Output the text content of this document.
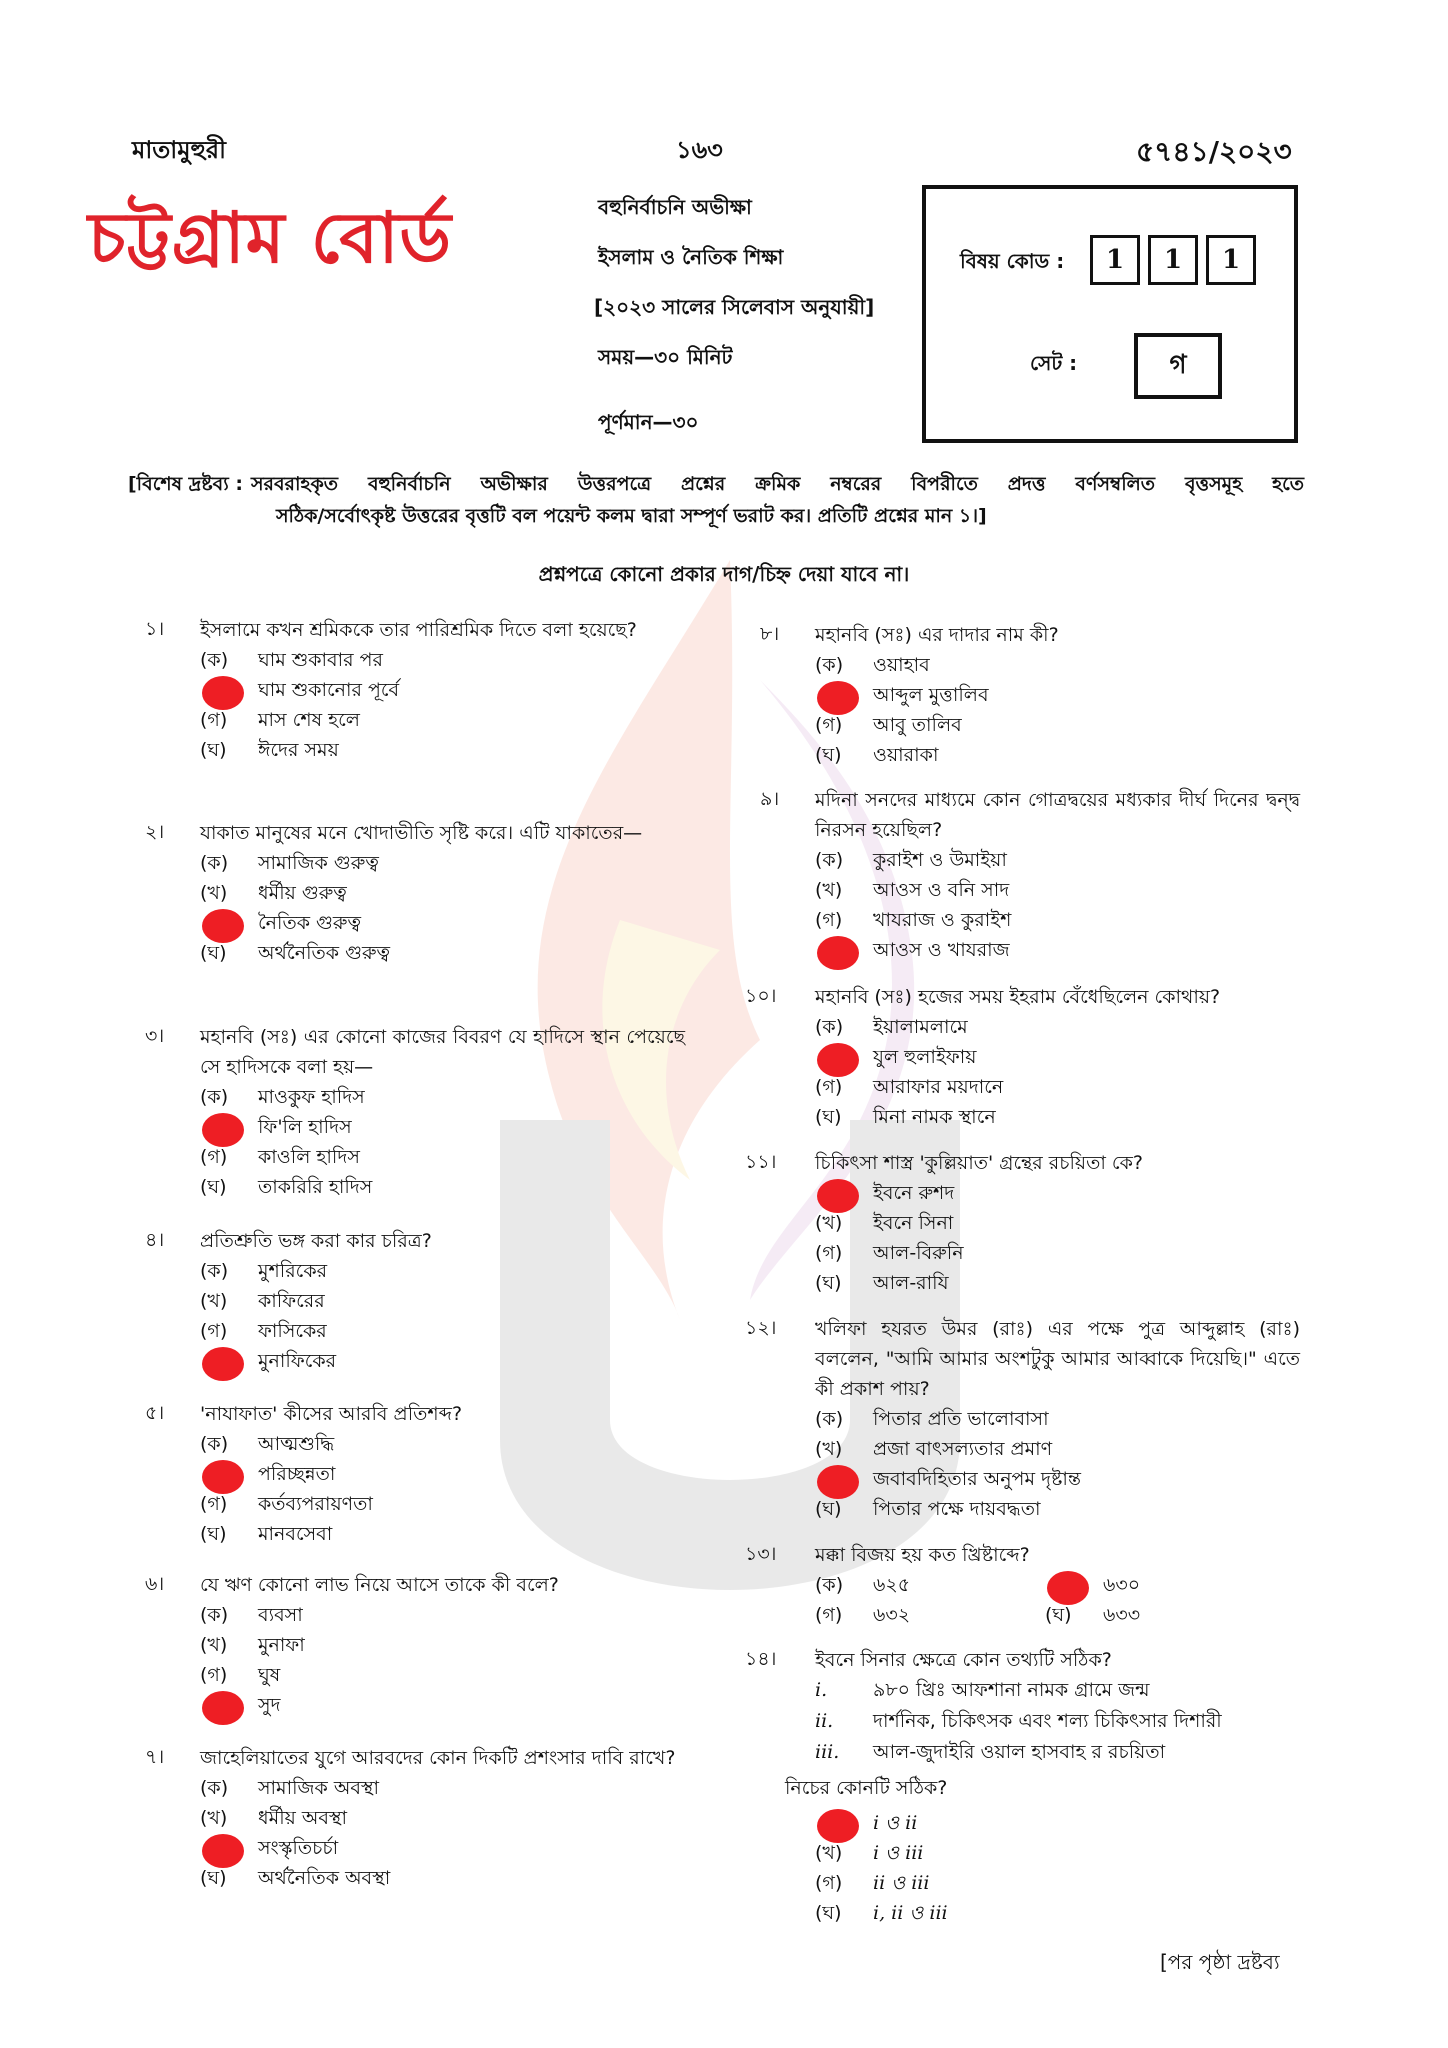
মাতামুহুরী	১৬৩	৫৭৪১/২০২৩
চট্টগ্রাম বোর্ড	বহুনির্বাচনি অভীক্ষা
ইসলাম ও নৈতিক শিক্ষা
[২০২৩ সালের সিলেবাস অনুযায়ী]
সময়—৩০ মিনিট
পূর্ণমান—৩০
বিষয় কোড :	1	1	1
সেট :	গ
[বিশেষ দ্রষ্টব্য : সরবরাহকৃত বহুনির্বাচনি অভীক্ষার উত্তরপত্রে প্রশ্নের ক্রমিক নম্বরের বিপরীতে প্রদত্ত বর্ণসম্বলিত বৃত্তসমূহ হতে
সঠিক/সর্বোৎকৃষ্ট উত্তরের বৃত্তটি বল পয়েন্ট কলম দ্বারা সম্পূর্ণ ভরাট কর। প্রতিটি প্রশ্নের মান ১।]
প্রশ্নপত্রে কোনো প্রকার দাগ/চিহ্ন দেয়া যাবে না।
১।	ইসলামে কখন শ্রমিককে তার পারিশ্রমিক দিতে বলা হয়েছে?
(ক) ঘাম শুকাবার পর
ঘাম শুকানোর পূর্বে
(গ) মাস শেষ হলে
(ঘ) ঈদের সময়
২।	যাকাত মানুষের মনে খোদাভীতি সৃষ্টি করে। এটি যাকাতের—
(ক) সামাজিক গুরুত্ব
(খ) ধর্মীয় গুরুত্ব
নৈতিক গুরুত্ব
(ঘ) অর্থনৈতিক গুরুত্ব
৩।	মহানবি (সঃ) এর কোনো কাজের বিবরণ যে হাদিসে স্থান পেয়েছে সে হাদিসকে বলা হয়—
(ক) মাওকুফ হাদিস
ফি'লি হাদিস
(গ) কাওলি হাদিস
(ঘ) তাকরিরি হাদিস
৪।	প্রতিশ্রুতি ভঙ্গ করা কার চরিত্র?
(ক) মুশরিকের
(খ) কাফিরের
(গ) ফাসিকের
মুনাফিকের
৫।	'নাযাফাত' কীসের আরবি প্রতিশব্দ?
(ক) আত্মশুদ্ধি
পরিচ্ছন্নতা
(গ) কর্তব্যপরায়ণতা
(ঘ) মানবসেবা
৬।	যে ঋণ কোনো লাভ নিয়ে আসে তাকে কী বলে?
(ক) ব্যবসা
(খ) মুনাফা
(গ) ঘুষ
সুদ
৭।	জাহেলিয়াতের যুগে আরবদের কোন দিকটি প্রশংসার দাবি রাখে?
(ক) সামাজিক অবস্থা
(খ) ধর্মীয় অবস্থা
সংস্কৃতিচর্চা
(ঘ) অর্থনৈতিক অবস্থা
৮।	মহানবি (সঃ) এর দাদার নাম কী?
(ক) ওয়াহাব
আব্দুল মুত্তালিব
(গ) আবু তালিব
(ঘ) ওয়ারাকা
৯।	মদিনা সনদের মাধ্যমে কোন গোত্রদ্বয়ের মধ্যকার দীর্ঘ দিনের দ্বন্দ্ব নিরসন হয়েছিল?
(ক) কুরাইশ ও উমাইয়া
(খ) আওস ও বনি সাদ
(গ) খাযরাজ ও কুরাইশ
আওস ও খাযরাজ
১০।	মহানবি (সঃ) হজের সময় ইহরাম বেঁধেছিলেন কোথায়?
(ক) ইয়ালামলামে
যুল হুলাইফায়
(গ) আরাফার ময়দানে
(ঘ) মিনা নামক স্থানে
১১।	চিকিৎসা শাস্ত্র 'কুল্লিয়াত' গ্রন্থের রচয়িতা কে?
ইবনে রুশদ
(খ) ইবনে সিনা
(গ) আল-বিরুনি
(ঘ) আল-রাযি
১২।	খলিফা হযরত উমর (রাঃ) এর পক্ষে পুত্র আব্দুল্লাহ (রাঃ) বললেন, "আমি আমার অংশটুকু আমার আব্বাকে দিয়েছি।" এতে কী প্রকাশ পায়?
(ক) পিতার প্রতি ভালোবাসা
(খ) প্রজা বাৎসল্যতার প্রমাণ
জবাবদিহিতার অনুপম দৃষ্টান্ত
(ঘ) পিতার পক্ষে দায়বদ্ধতা
১৩।	মক্কা বিজয় হয় কত খ্রিষ্টাব্দে?
(ক) ৬২৫	৬৩০
(গ) ৬৩২	(ঘ) ৬৩৩
১৪।	ইবনে সিনার ক্ষেত্রে কোন তথ্যটি সঠিক?
i. ৯৮০ খ্রিঃ আফশানা নামক গ্রামে জন্ম
ii. দার্শনিক, চিকিৎসক এবং শল্য চিকিৎসার দিশারী
iii. আল-জুদাইরি ওয়াল হাসবাহ র রচয়িতা
নিচের কোনটি সঠিক?
i ও ii
(খ) i ও iii
(গ) ii ও iii
(ঘ) i, ii ও iii
[পর পৃষ্ঠা দ্রষ্টব্য
